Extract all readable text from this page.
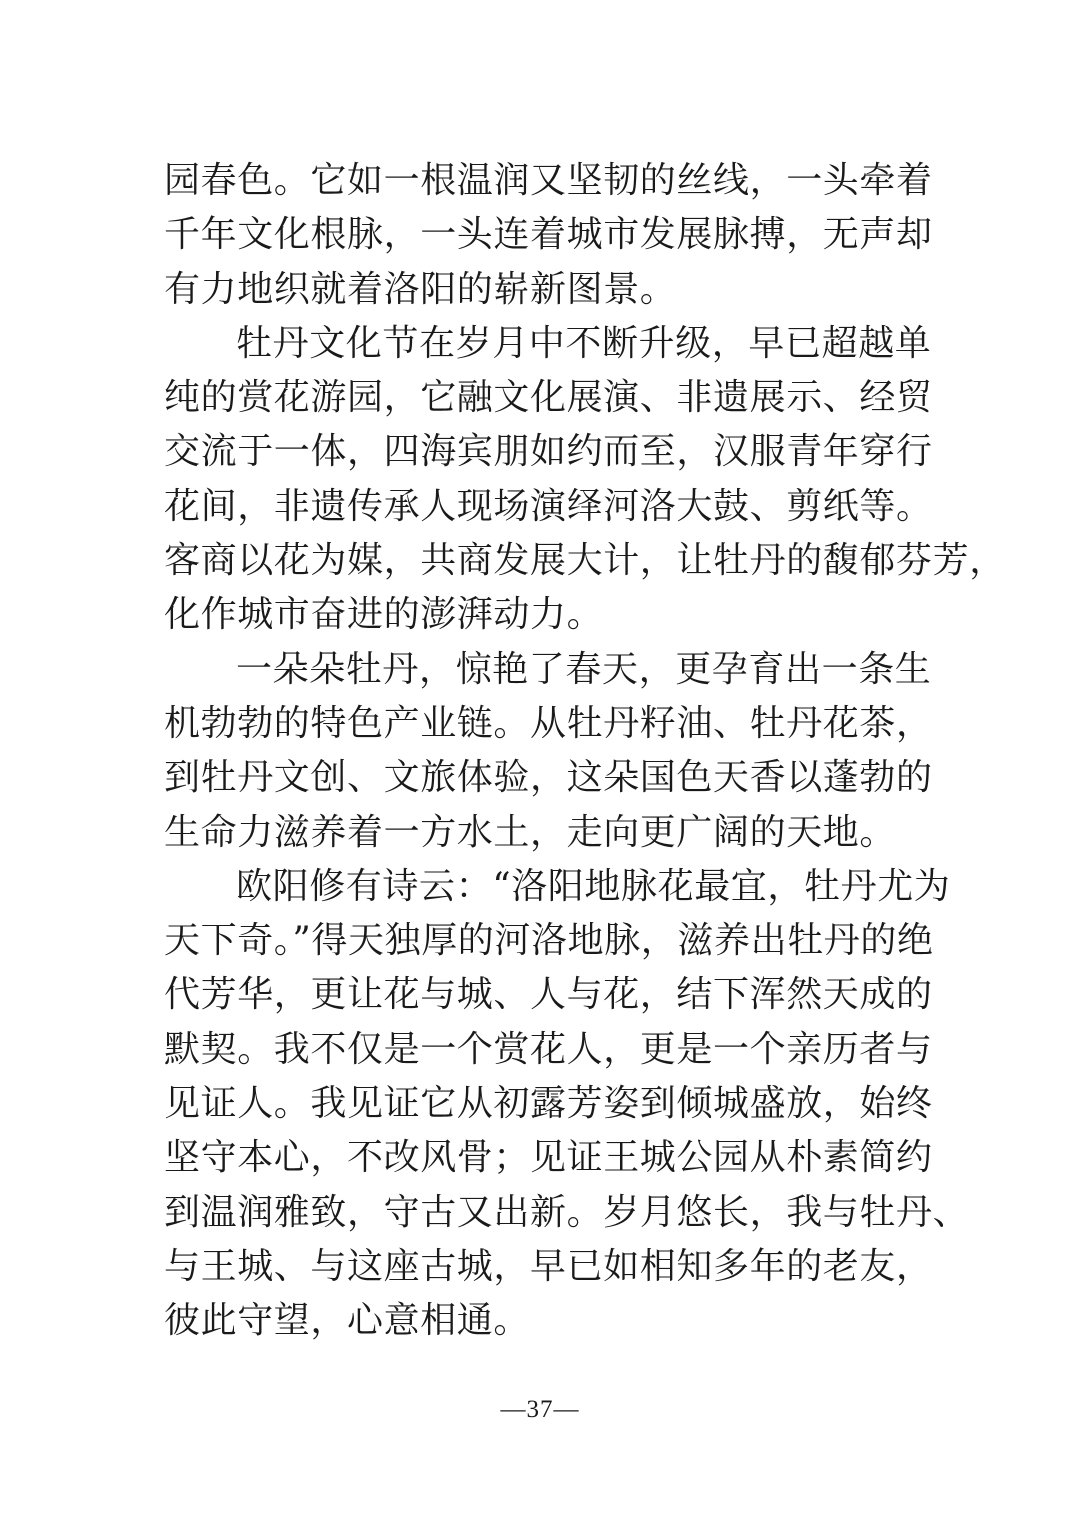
园春色。它如一根温润又坚韧的丝线，一头牵着
千年文化根脉，一头连着城市发展脉搏，无声却
有力地织就着洛阳的崭新图景。
牡丹文化节在岁月中不断升级，早已超越单
纯的赏花游园，它融文化展演、非遗展示、经贸
交流于一体，四海宾朋如约而至，汉服青年穿行
花间，非遗传承人现场演绎河洛大鼓、剪纸等。
客商以花为媒，共商发展大计，让牡丹的馥郁芬芳，
化作城市奋进的澎湃动力。
一朵朵牡丹，惊艳了春天，更孕育出一条生
机勃勃的特色产业链。从牡丹籽油、牡丹花茶，
到牡丹文创、文旅体验，这朵国色天香以蓬勃的
生命力滋养着一方水土，走向更广阔的天地。
欧阳修有诗云：“洛阳地脉花最宜，牡丹尤为
天下奇。”得天独厚的河洛地脉，滋养出牡丹的绝
代芳华，更让花与城、人与花，结下浑然天成的
默契。我不仅是一个赏花人，更是一个亲历者与
见证人。我见证它从初露芳姿到倾城盛放，始终
坚守本心，不改风骨；见证王城公园从朴素简约
到温润雅致，守古又出新。岁月悠长，我与牡丹、
与王城、与这座古城，早已如相知多年的老友，
彼此守望，心意相通。
—37—
